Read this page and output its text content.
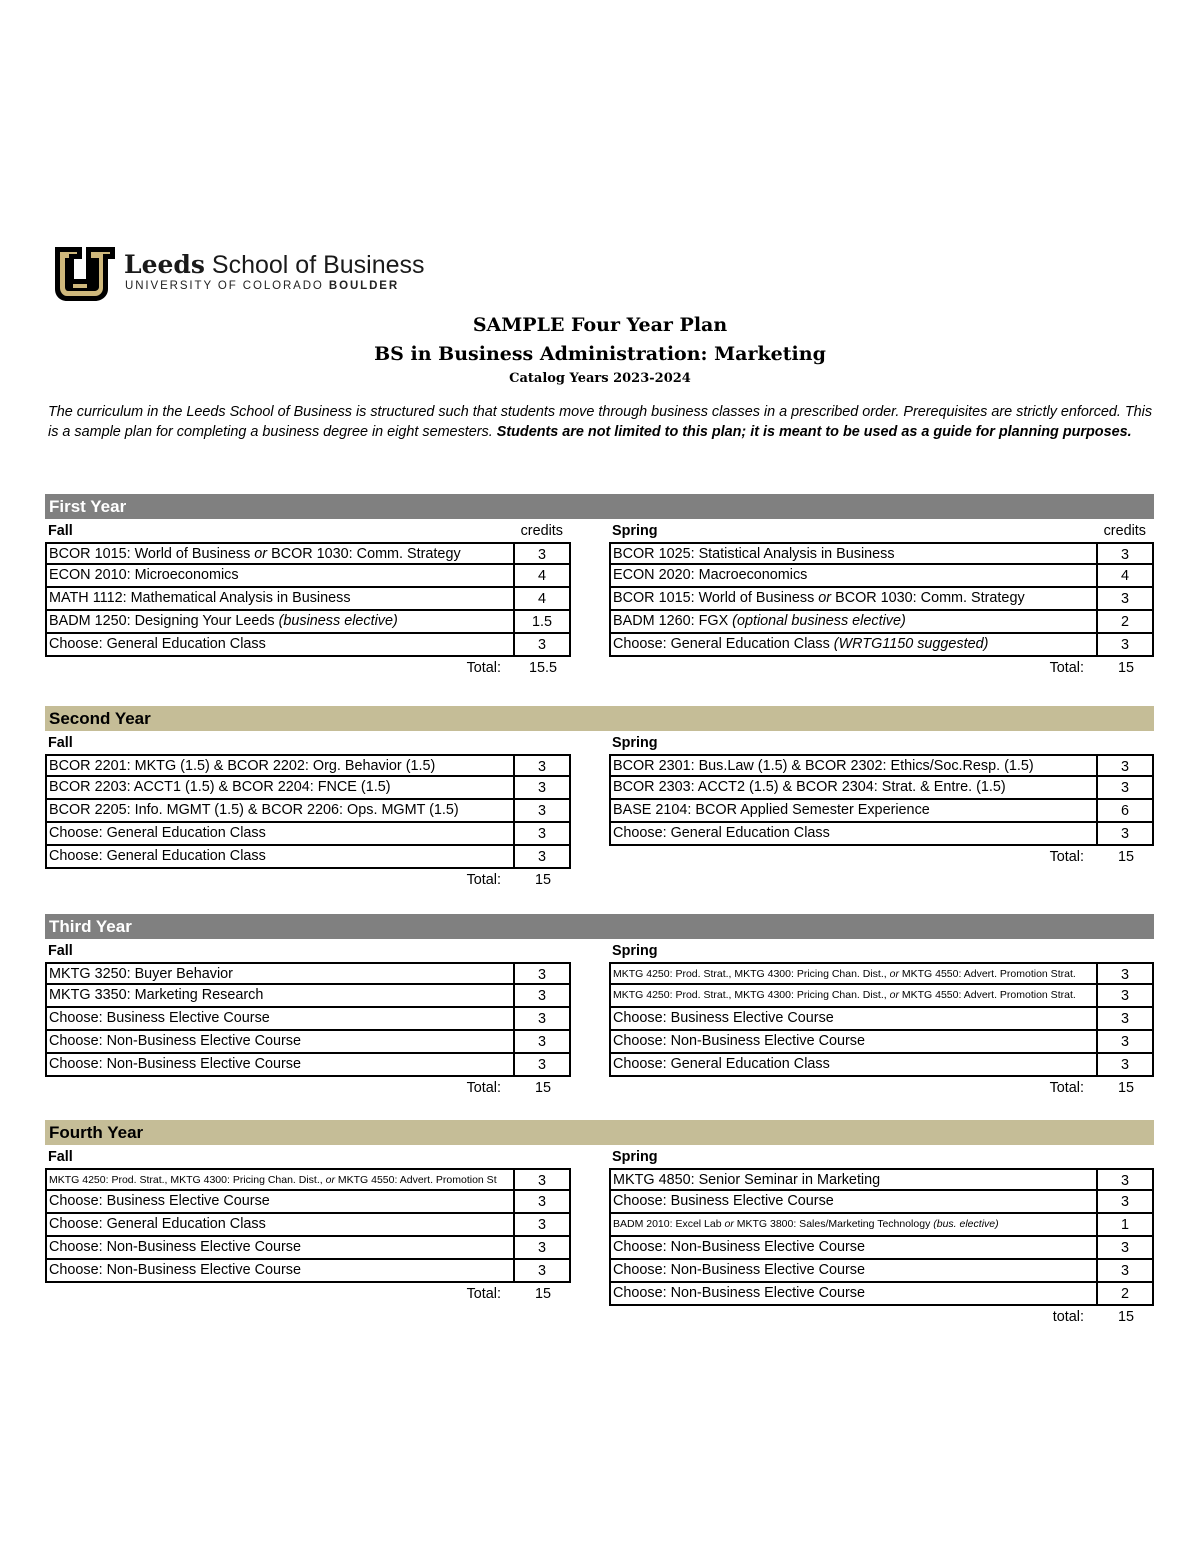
Leeds School of Business
UNIVERSITY OF COLORADO BOULDER
SAMPLE Four Year Plan
BS in Business Administration: Marketing
Catalog Years 2023-2024
The curriculum in the Leeds School of Business is structured such that students move through business classes in a prescribed order. Prerequisites are strictly enforced. This is a sample plan for completing a business degree in eight semesters. Students are not limited to this plan; it is meant to be used as a guide for planning purposes.
First Year
Fall	credits
BCOR 1015: World of Business or BCOR 1030: Comm. Strategy	3
ECON 2010: Microeconomics	4
MATH 1112: Mathematical Analysis in Business	4
BADM 1250: Designing Your Leeds (business elective)	1.5
Choose: General Education Class	3
Total:	15.5
Spring	credits
BCOR 1025: Statistical Analysis in Business	3
ECON 2020: Macroeconomics	4
BCOR 1015: World of Business or BCOR 1030: Comm. Strategy	3
BADM 1260: FGX (optional business elective)	2
Choose: General Education Class (WRTG1150 suggested)	3
Total:	15
Second Year
Fall
BCOR 2201: MKTG (1.5) & BCOR 2202: Org. Behavior (1.5)	3
BCOR 2203: ACCT1 (1.5) & BCOR 2204: FNCE (1.5)	3
BCOR 2205: Info. MGMT (1.5) & BCOR 2206: Ops. MGMT (1.5)	3
Choose: General Education Class	3
Choose: General Education Class	3
Total:	15
Spring
BCOR 2301: Bus.Law (1.5) & BCOR 2302: Ethics/Soc.Resp. (1.5)	3
BCOR 2303: ACCT2 (1.5) & BCOR 2304: Strat. & Entre. (1.5)	3
BASE 2104: BCOR Applied Semester Experience	6
Choose: General Education Class	3
Total:	15
Third Year
Fall
MKTG 3250: Buyer Behavior	3
MKTG 3350: Marketing Research	3
Choose: Business Elective Course	3
Choose: Non-Business Elective Course	3
Choose: Non-Business Elective Course	3
Total:	15
Spring
MKTG 4250: Prod. Strat., MKTG 4300: Pricing Chan. Dist., or MKTG 4550: Advert. Promotion Strat.	3
MKTG 4250: Prod. Strat., MKTG 4300: Pricing Chan. Dist., or MKTG 4550: Advert. Promotion Strat.	3
Choose: Business Elective Course	3
Choose: Non-Business Elective Course	3
Choose: General Education Class	3
Total:	15
Fourth Year
Fall
MKTG 4250: Prod. Strat., MKTG 4300: Pricing Chan. Dist., or MKTG 4550: Advert. Promotion St	3
Choose: Business Elective Course	3
Choose: General Education Class	3
Choose: Non-Business Elective Course	3
Choose: Non-Business Elective Course	3
Total:	15
Spring
MKTG 4850: Senior Seminar in Marketing	3
Choose: Business Elective Course	3
BADM 2010: Excel Lab or MKTG 3800: Sales/Marketing Technology (bus. elective)	1
Choose: Non-Business Elective Course	3
Choose: Non-Business Elective Course	3
Choose: Non-Business Elective Course	2
total:	15
